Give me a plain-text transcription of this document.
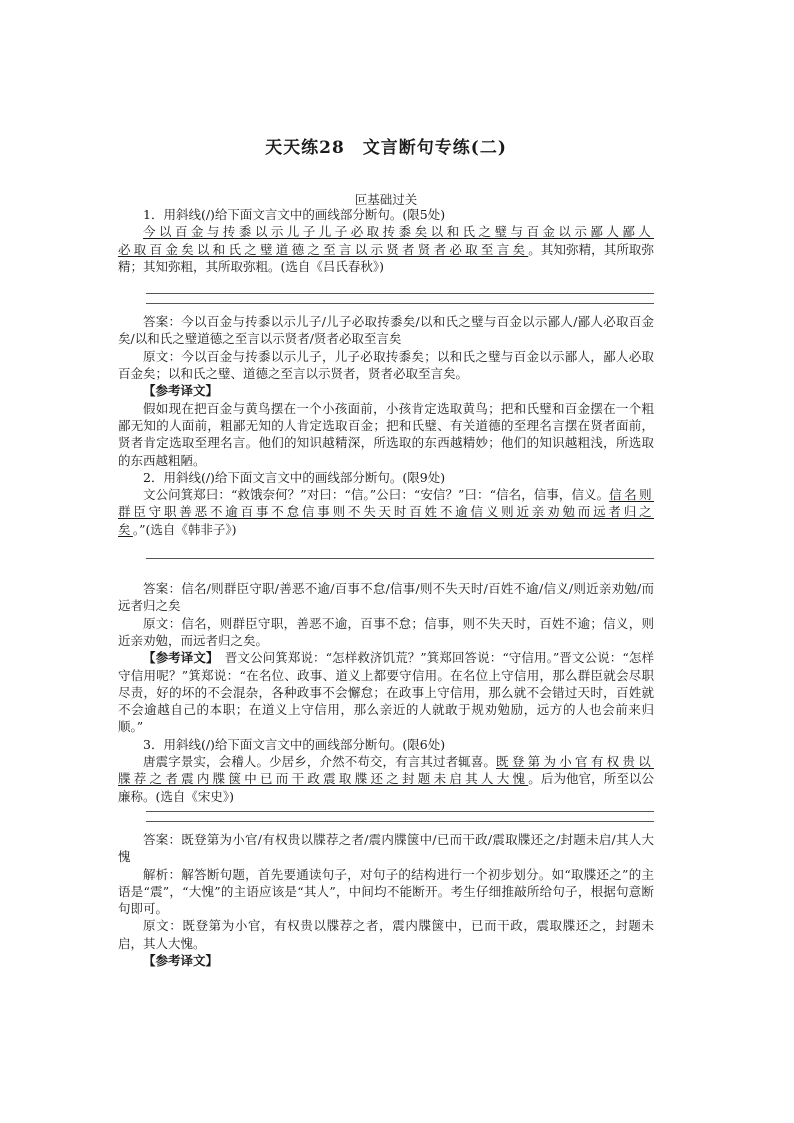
天天练28　文言断句专练(二)
叵基础过关

1．用斜线(/)给下面文言文中的画线部分断句。(限5处)

今以百金与抟黍以示儿子儿子必取抟黍矣以和氏之璧与百金以示鄙人鄙人必取百金矣以和氏之璧道德之至言以示贤者贤者必取至言矣。其知弥精，其所取弥精；其知弥粗，其所取弥粗。(选自《吕氏春秋》)

答案：今以百金与抟黍以示儿子/儿子必取抟黍矣/以和氏之璧与百金以示鄙人/鄙人必取百金矣/以和氏之璧道德之至言以示贤者/贤者必取至言矣

原文：今以百金与抟黍以示儿子，儿子必取抟黍矣；以和氏之璧与百金以示鄙人，鄙人必取百金矣；以和氏之璧、道德之至言以示贤者，贤者必取至言矣。

【参考译文】

假如现在把百金与黄鸟摆在一个小孩面前，小孩肯定选取黄鸟；把和氏璧和百金摆在一个粗鄙无知的人面前，粗鄙无知的人肯定选取百金；把和氏璧、有关道德的至理名言摆在贤者面前，贤者肯定选取至理名言。他们的知识越精深，所选取的东西越精妙；他们的知识越粗浅，所选取的东西越粗陋。

2．用斜线(/)给下面文言文中的画线部分断句。(限9处)

文公问箕郑曰：“救饿奈何？”对曰：“信。”公曰：“安信？”曰：“信名，信事，信义。信名则群臣守职善恶不逾百事不怠信事则不失天时百姓不逾信义则近亲劝勉而远者归之矣。”(选自《韩非子》)

答案：信名/则群臣守职/善恶不逾/百事不怠/信事/则不失天时/百姓不逾/信义/则近亲劝勉/而远者归之矣

原文：信名，则群臣守职，善恶不逾，百事不怠；信事，则不失天时，百姓不逾；信义，则近亲劝勉，而远者归之矣。

【参考译文】　 晋文公问箕郑说：“怎样救济饥荒？”箕郑回答说：“守信用。”晋文公说：“怎样守信用呢？”箕郑说：“在名位、政事、道义上都要守信用。在名位上守信用，那么群臣就会尽职尽责，好的坏的不会混杂，各种政事不会懈怠；在政事上守信用，那么就不会错过天时，百姓就不会逾越自己的本职；在道义上守信用，那么亲近的人就敢于规劝勉励，远方的人也会前来归顺。”

3．用斜线(/)给下面文言文中的画线部分断句。(限6处)

唐震字景实，会稽人。少居乡，介然不苟交，有言其过者辄喜。既登第为小官有权贵以牒荐之者震内牒箧中已而干政震取牒还之封题未启其人大愧。后为他官，所至以公廉称。(选自《宋史》)

答案：既登第为小官/有权贵以牒荐之者/震内牒箧中/已而干政/震取牒还之/封题未启/其人大愧

解析：解答断句题，首先要通读句子，对句子的结构进行一个初步划分。如“取牒还之”的主语是“震”，“大愧”的主语应该是“其人”，中间均不能断开。考生仔细推敲所给句子，根据句意断句即可。

原文：既登第为小官，有权贵以牒荐之者，震内牒箧中，已而干政，震取牒还之，封题未启，其人大愧。

【参考译文】
